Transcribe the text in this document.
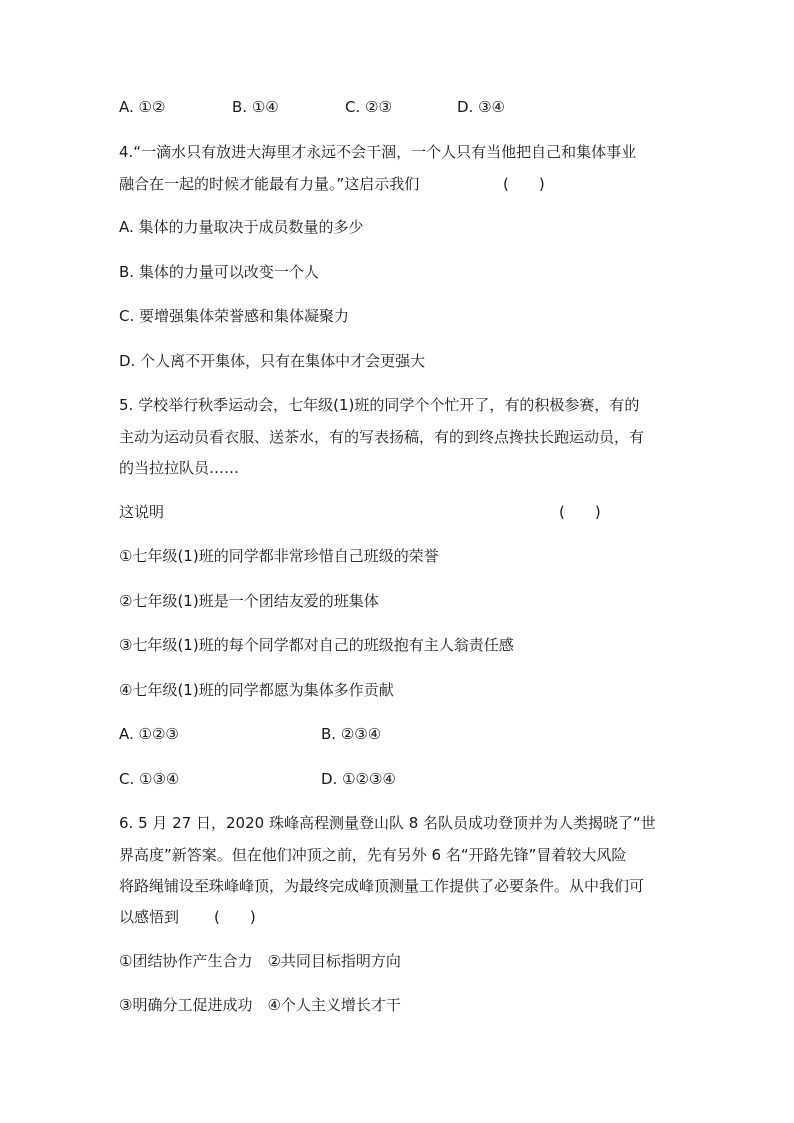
A. ①②	B. ①④	C. ②③	D. ③④
4.“一滴水只有放进大海里才永远不会干涸，一个人只有当他把自己和集体事业
融合在一起的时候才能最有力量。”这启示我们	(　　)
A. 集体的力量取决于成员数量的多少
B. 集体的力量可以改变一个人
C. 要增强集体荣誉感和集体凝聚力
D. 个人离不开集体，只有在集体中才会更强大
5. 学校举行秋季运动会，七年级(1)班的同学个个忙开了，有的积极参赛，有的
主动为运动员看衣服、送茶水，有的写表扬稿，有的到终点搀扶长跑运动员，有
的当拉拉队员……
这说明	(　　)
①七年级(1)班的同学都非常珍惜自己班级的荣誉
②七年级(1)班是一个团结友爱的班集体
③七年级(1)班的每个同学都对自己的班级抱有主人翁责任感
④七年级(1)班的同学都愿为集体多作贡献
A. ①②③	B. ②③④
C. ①③④	D. ①②③④
6. 5 月 27 日，2020 珠峰高程测量登山队 8 名队员成功登顶并为人类揭晓了“世
界高度”新答案。但在他们冲顶之前，先有另外 6 名“开路先锋”冒着较大风险
将路绳铺设至珠峰峰顶，为最终完成峰顶测量工作提供了必要条件。从中我们可
以感悟到 (　　)
①团结协作产生合力　②共同目标指明方向
③明确分工促进成功　④个人主义增长才干
